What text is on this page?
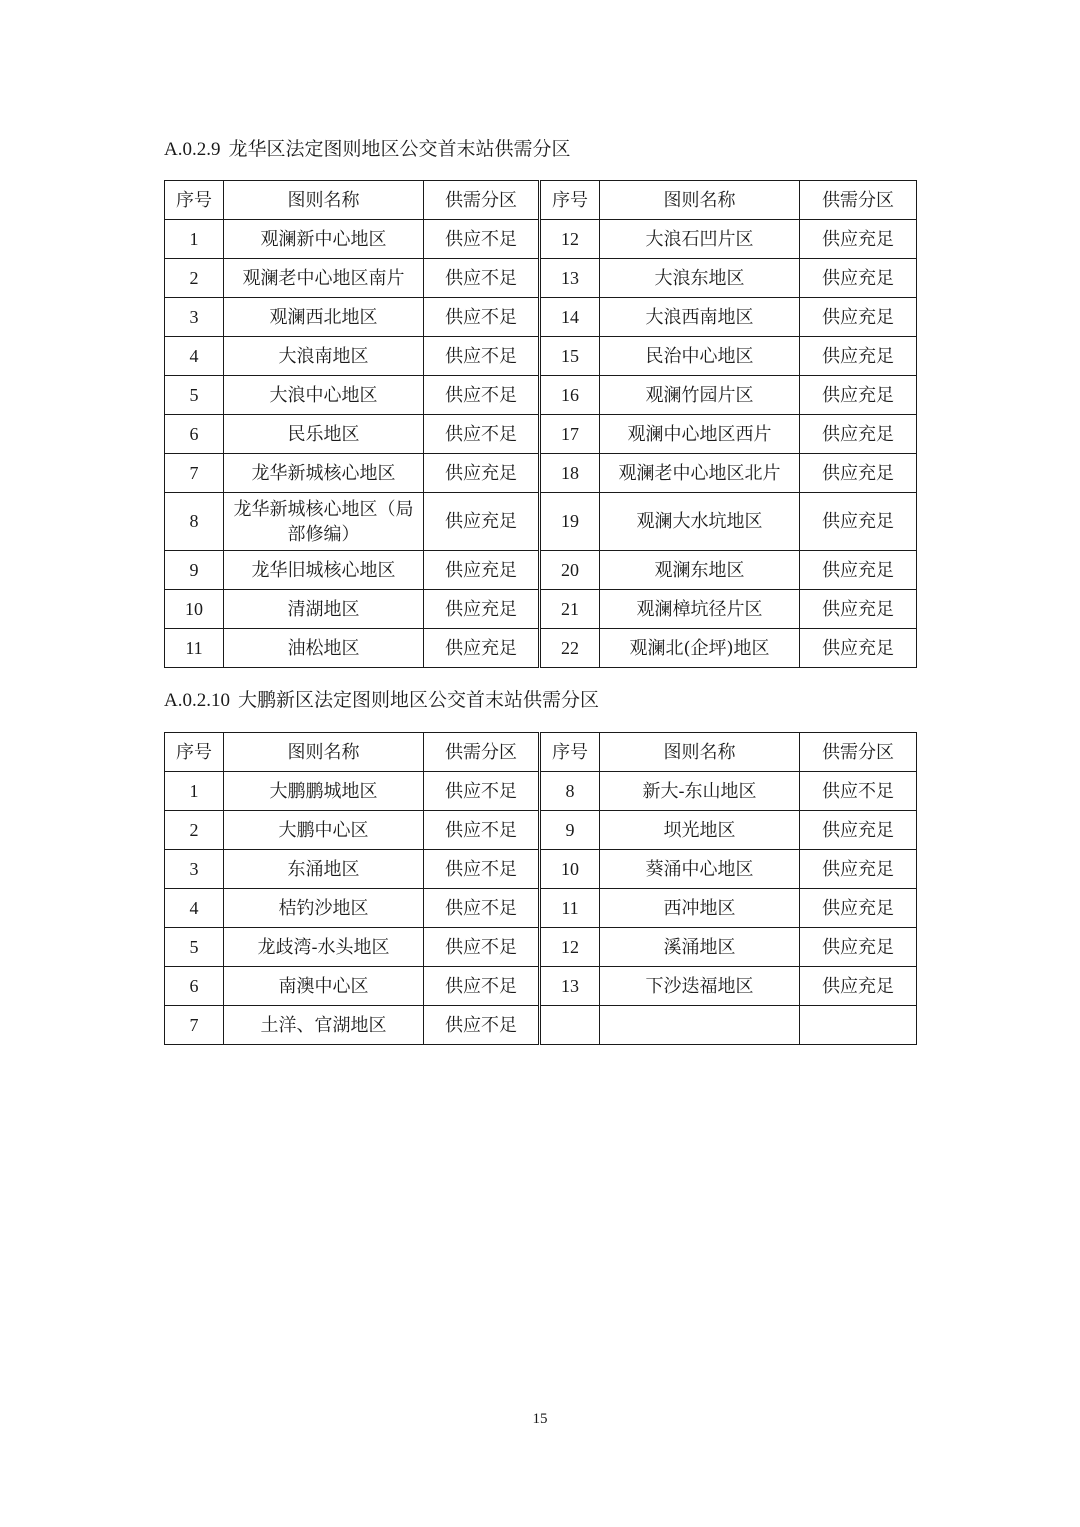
A.0.2.9 龙华区法定图则地区公交首末站供需分区
序号	图则名称	供需分区	序号	图则名称	供需分区
1	观澜新中心地区	供应不足	12	大浪石凹片区	供应充足
2	观澜老中心地区南片	供应不足	13	大浪东地区	供应充足
3	观澜西北地区	供应不足	14	大浪西南地区	供应充足
4	大浪南地区	供应不足	15	民治中心地区	供应充足
5	大浪中心地区	供应不足	16	观澜竹园片区	供应充足
6	民乐地区	供应不足	17	观澜中心地区西片	供应充足
7	龙华新城核心地区	供应充足	18	观澜老中心地区北片	供应充足
8	龙华新城核心地区（局部修编）	供应充足	19	观澜大水坑地区	供应充足
9	龙华旧城核心地区	供应充足	20	观澜东地区	供应充足
10	清湖地区	供应充足	21	观澜樟坑径片区	供应充足
11	油松地区	供应充足	22	观澜北(企坪)地区	供应充足
A.0.2.10 大鹏新区法定图则地区公交首末站供需分区
序号	图则名称	供需分区	序号	图则名称	供需分区
1	大鹏鹏城地区	供应不足	8	新大-东山地区	供应不足
2	大鹏中心区	供应不足	9	坝光地区	供应充足
3	东涌地区	供应不足	10	葵涌中心地区	供应充足
4	桔钓沙地区	供应不足	11	西冲地区	供应充足
5	龙歧湾-水头地区	供应不足	12	溪涌地区	供应充足
6	南澳中心区	供应不足	13	下沙迭福地区	供应充足
7	土洋、官湖地区	供应不足			
15
